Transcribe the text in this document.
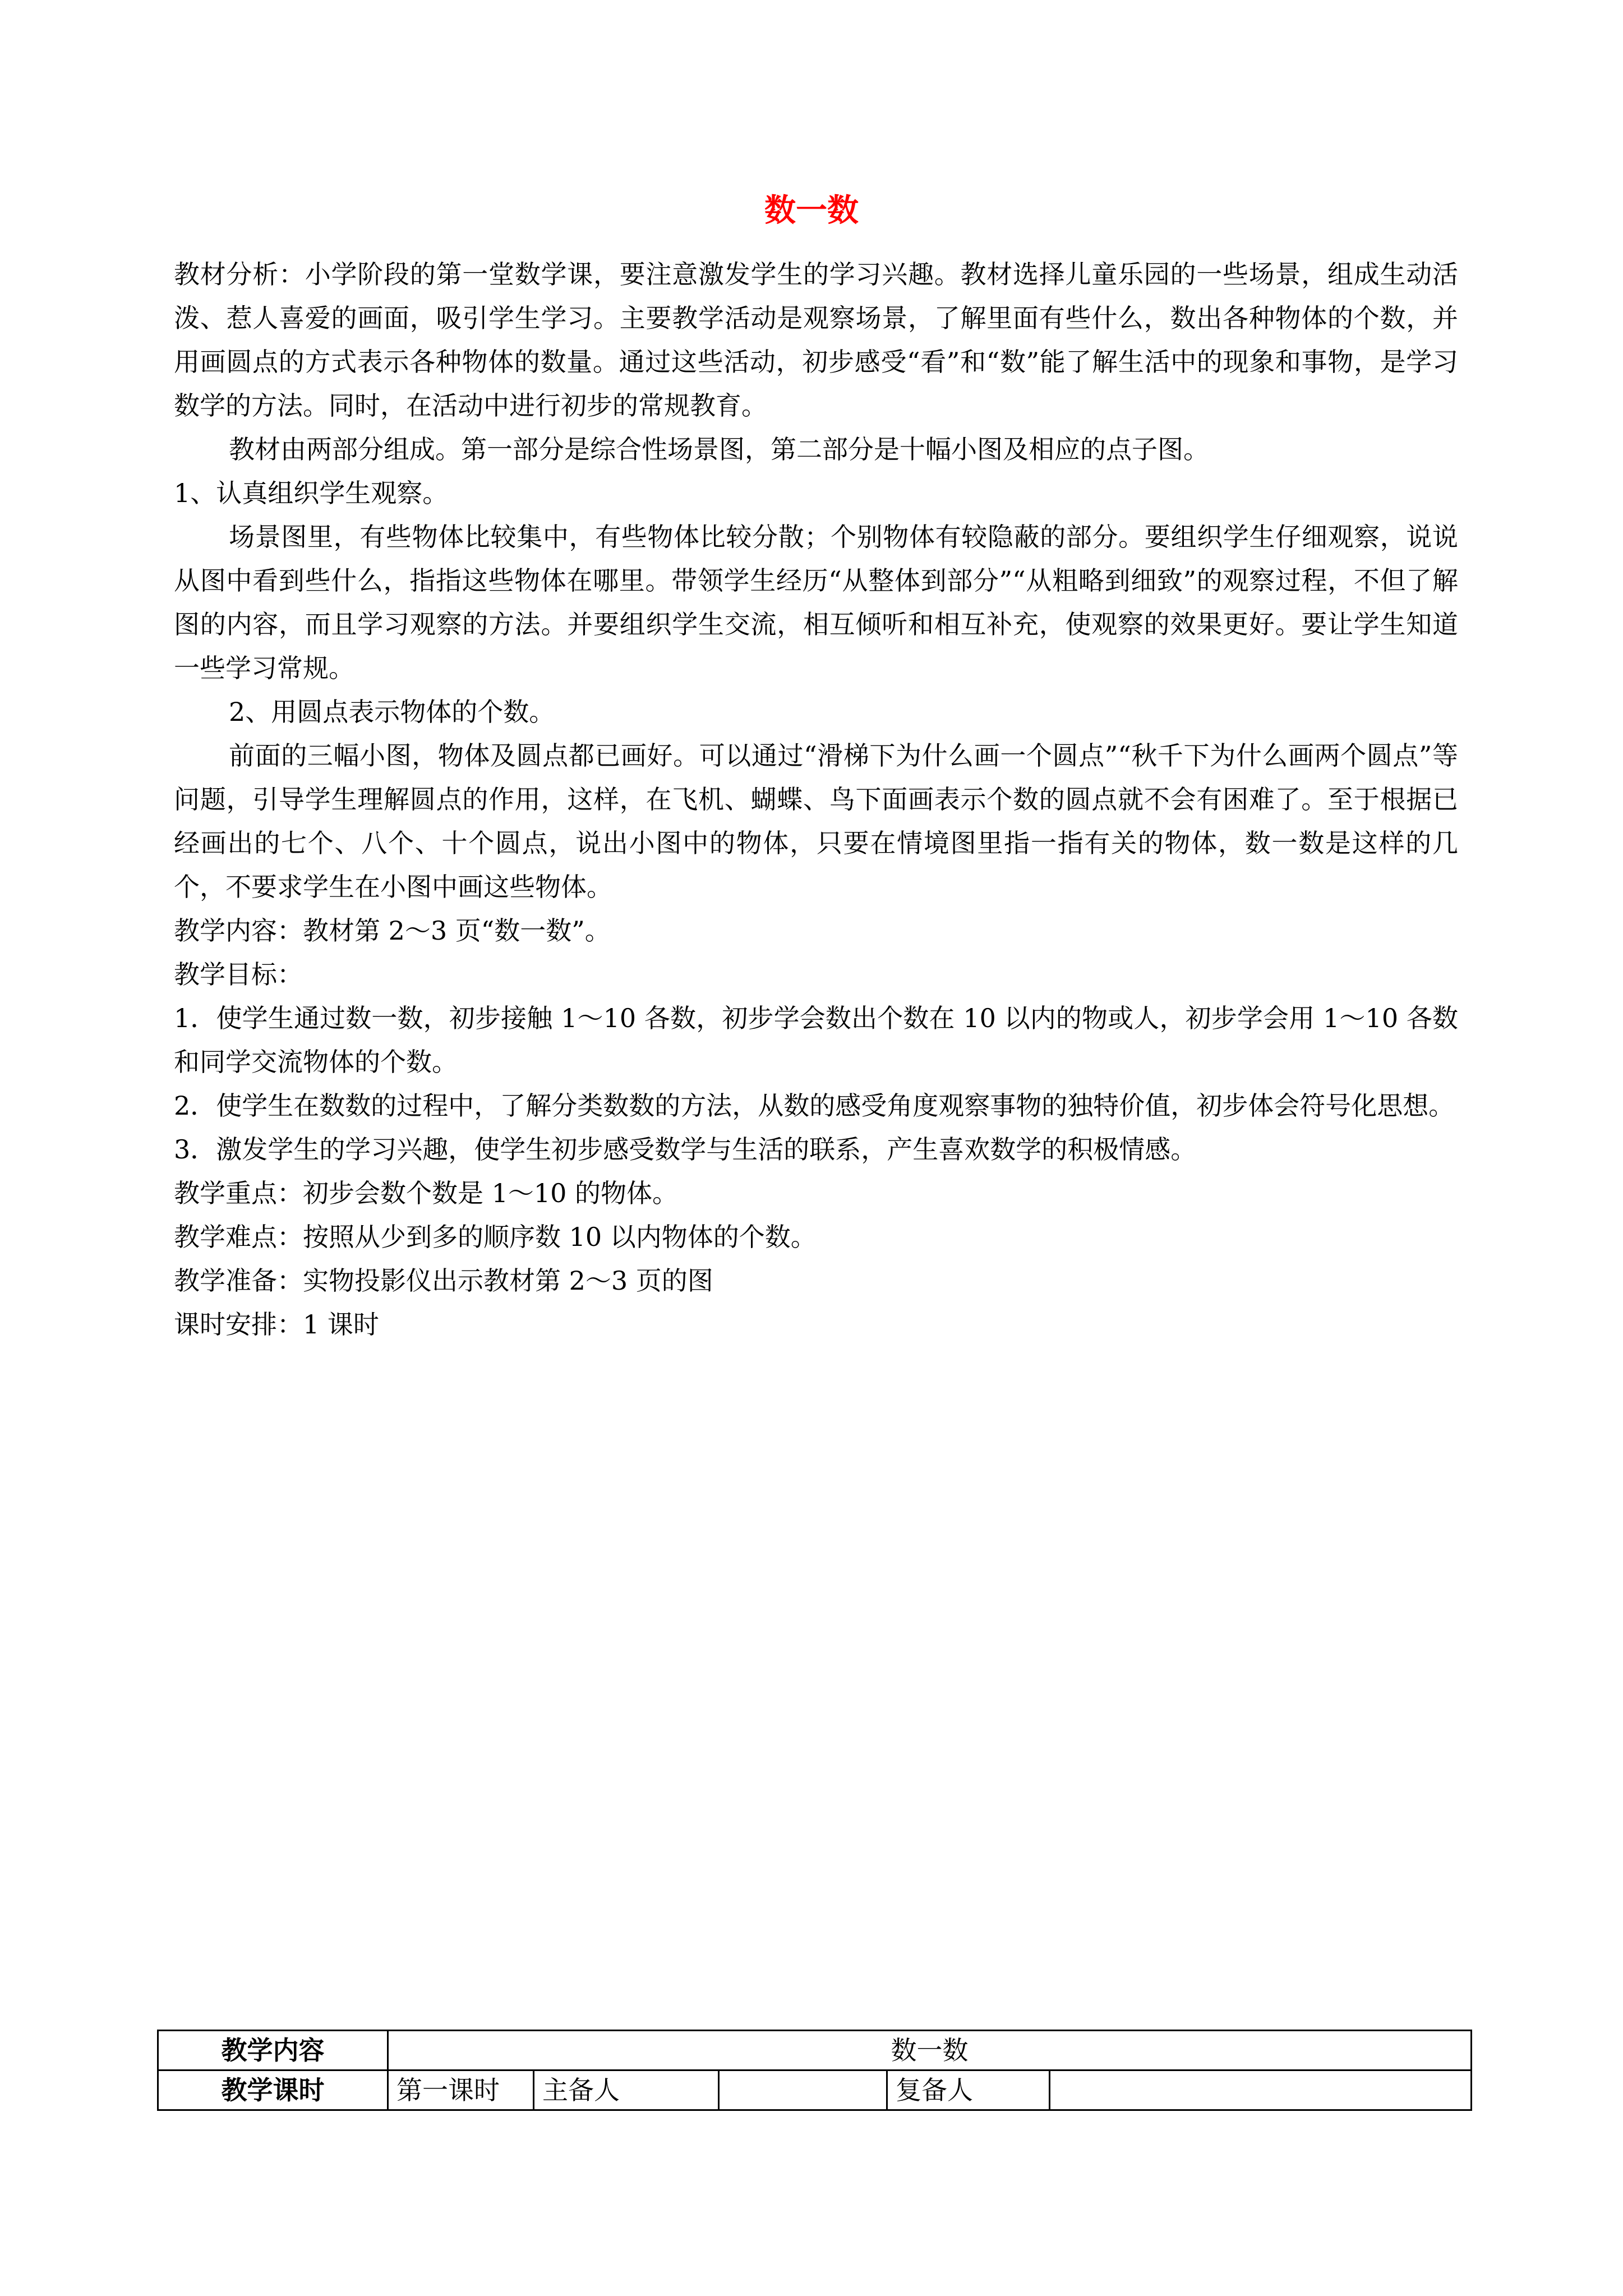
数一数

教材分析：小学阶段的第一堂数学课，要注意激发学生的学习兴趣。教材选择儿童乐园的一些场景，组成生动活泼、惹人喜爱的画面，吸引学生学习。主要教学活动是观察场景，了解里面有些什么，数出各种物体的个数，并用画圆点的方式表示各种物体的数量。通过这些活动，初步感受“看”和“数”能了解生活中的现象和事物，是学习数学的方法。同时，在活动中进行初步的常规教育。

教材由两部分组成。第一部分是综合性场景图，第二部分是十幅小图及相应的点子图。

1、认真组织学生观察。

场景图里，有些物体比较集中，有些物体比较分散；个别物体有较隐蔽的部分。要组织学生仔细观察，说说从图中看到些什么，指指这些物体在哪里。带领学生经历“从整体到部分”“从粗略到细致”的观察过程，不但了解图的内容，而且学习观察的方法。并要组织学生交流，相互倾听和相互补充，使观察的效果更好。要让学生知道一些学习常规。

2、用圆点表示物体的个数。

前面的三幅小图，物体及圆点都已画好。可以通过“滑梯下为什么画一个圆点”“秋千下为什么画两个圆点”等问题，引导学生理解圆点的作用，这样，在飞机、蝴蝶、鸟下面画表示个数的圆点就不会有困难了。至于根据已经画出的七个、八个、十个圆点，说出小图中的物体，只要在情境图里指一指有关的物体，数一数是这样的几个，不要求学生在小图中画这些物体。

教学内容：教材第 2～3 页“数一数”。

教学目标：

1．使学生通过数一数，初步接触 1～10 各数，初步学会数出个数在 10 以内的物或人，初步学会用 1～10 各数和同学交流物体的个数。

2．使学生在数数的过程中，了解分类数数的方法，从数的感受角度观察事物的独特价值，初步体会符号化思想。

3．激发学生的学习兴趣，使学生初步感受数学与生活的联系，产生喜欢数学的积极情感。

教学重点：初步会数个数是 1～10 的物体。

教学难点：按照从少到多的顺序数 10 以内物体的个数。

教学准备：实物投影仪出示教材第 2～3 页的图

课时安排：1 课时

教学内容	数一数				
教学课时	第一课时	主备人		复备人	
